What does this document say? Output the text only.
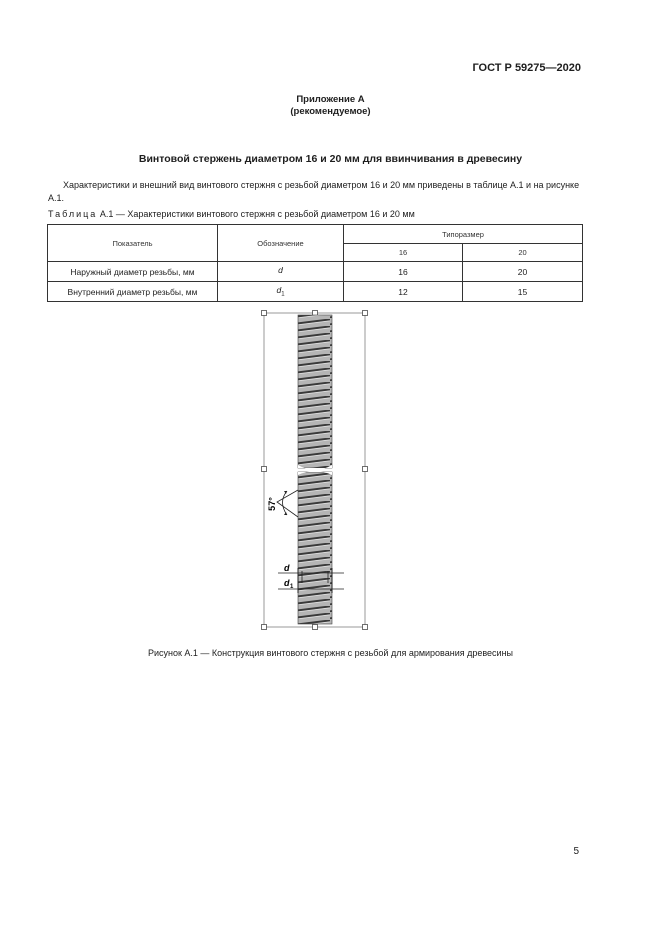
ГОСТ Р 59275—2020
Приложение А
(рекомендуемое)
Винтовой стержень диаметром 16 и 20 мм для ввинчивания в древесину
Характеристики и внешний вид винтового стержня с резьбой диаметром 16 и 20 мм приведены в таблице А.1 и на рисунке А.1.
Таблица А.1 — Характеристики винтового стержня с резьбой диаметром 16 и 20 мм
Показатель	Обозначение	Типоразмер	
		16	20
Наружный диаметр резьбы, мм	d	16	20
Внутренний диаметр резьбы, мм	$d_1$	12	15
57°
d
d 1
Рисунок А.1 — Конструкция винтового стержня с резьбой для армирования древесины
5
